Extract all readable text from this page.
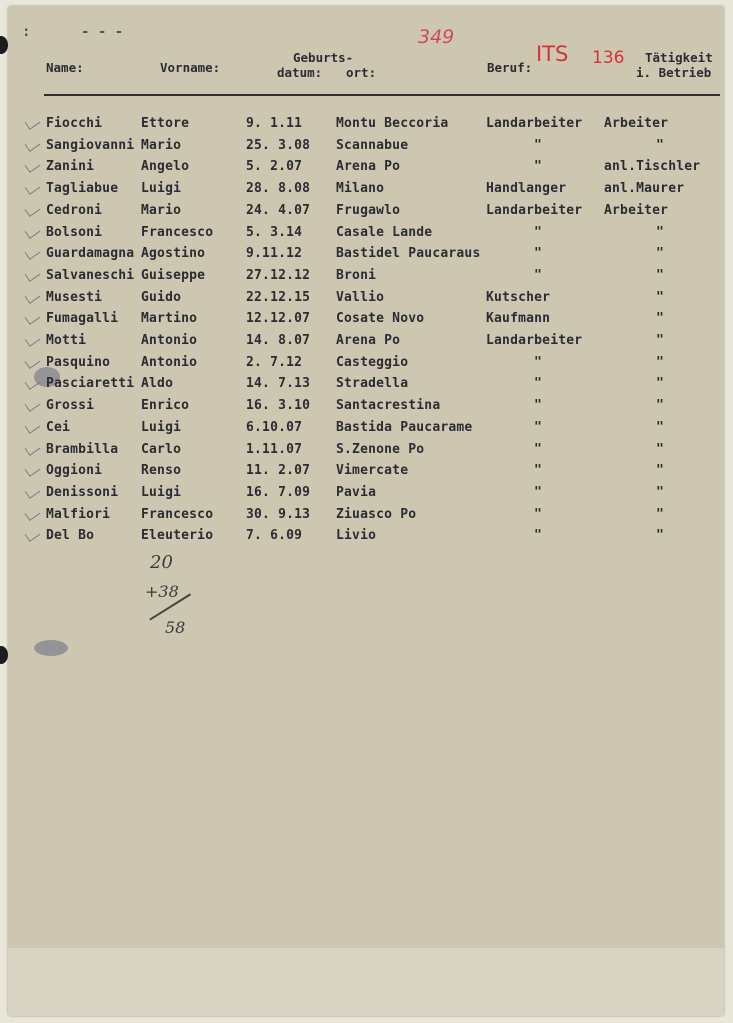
:      - - -	349
ITS 136
Name:	Vorname:
Geburts-
datum: ort:	Beruf:
Tätigkeit
i. Betrieb
Fiocchi	Ettore	9. 1.11	Montu Beccoria	Landarbeiter Arbeiter
Sangiovanni Mario	25. 3.08 Scannabue	"	"
Zanini	Angelo	5. 2.07	Arena Po	"	anl.Tischler
Tagliabue Luigi	28. 8.08 Milano	Handlanger	anl.Maurer
Cedroni	Mario	24. 4.07 Frugawlo	Landarbeiter Arbeiter
Bolsoni	Francesco	5. 3.14	Casale Lande	"	"
Guardamagna Agostino	9.11.12	Bastidel Paucaraus	"	"
Salvaneschi Guiseppe	27.12.12 Broni	"	"
Musesti	Guido	22.12.15 Vallio	Kutscher	"
Fumagalli Martino	12.12.07 Cosate Novo	Kaufmann	"
Motti	Antonio	14. 8.07 Arena Po	Landarbeiter	"
Pasquino Antonio	2. 7.12	Casteggio	"	"
Pasciaretti Aldo	14. 7.13 Stradella	"	"
Grossi	Enrico	16. 3.10 Santacrestina	"	"
Cei	Luigi	6.10.07	Bastida Paucarame	"	"
Brambilla Carlo	1.11.07	S.Zenone Po	"	"
Oggioni	Renso	11. 2.07 Vimercate	"	"
Denissoni Luigi	16. 7.09 Pavia	"	"
Malfiori Francesco	30. 9.13 Ziuasco Po	"	"
Del Bo	Eleuterio	7. 6.09	Livio	"	"
20
+38
58
